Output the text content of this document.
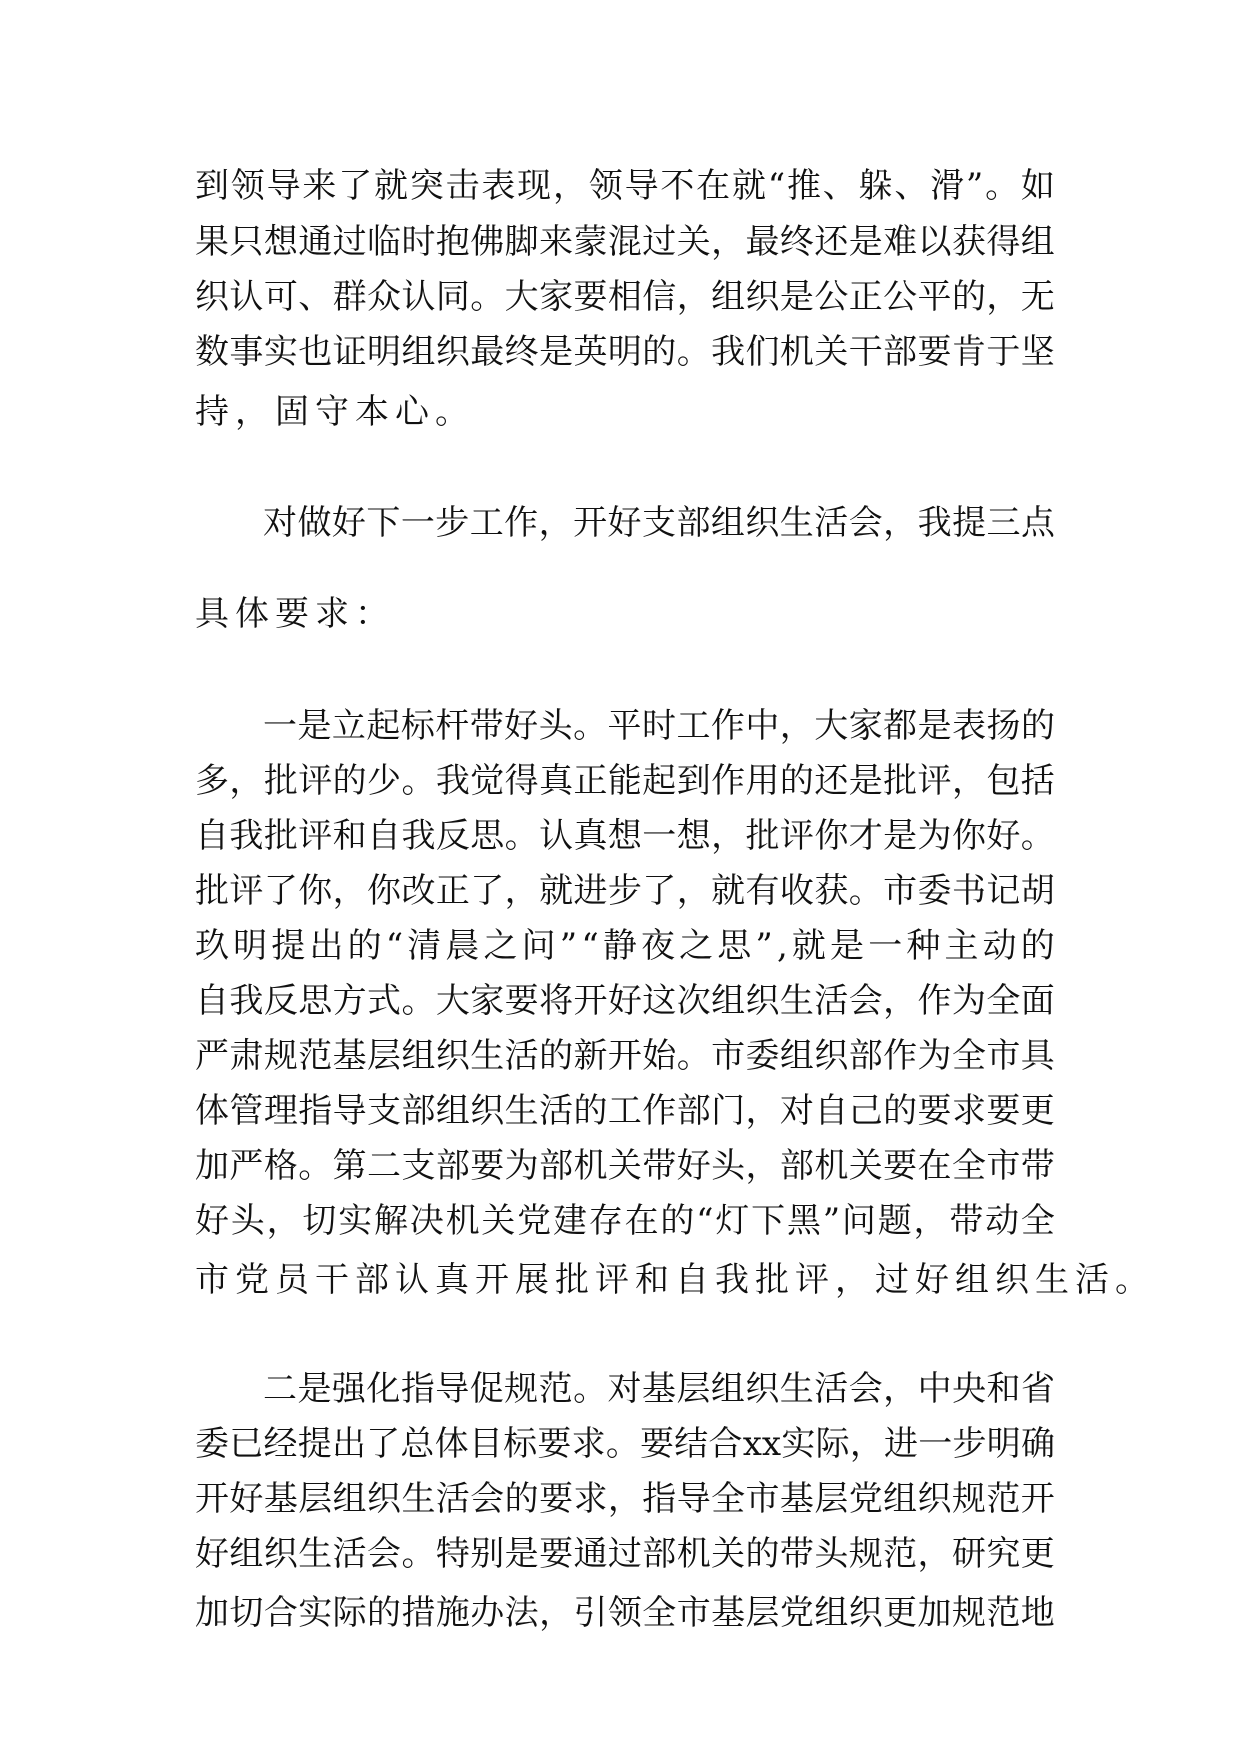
到 领 导 来 了 就 突 击 表 现 ， 领 导 不 在 就 “ 推 、 躲 、 滑 ” 。 如
果 只 想 通 过 临 时 抱 佛 脚 来 蒙 混 过 关 ， 最 终 还 是 难 以 获 得 组
织 认 可 、 群 众 认 同 。 大 家 要 相 信 ， 组 织 是 公 正 公 平 的 ， 无
数 事 实 也 证 明 组 织 最 终 是 英 明 的 。 我 们 机 关 干 部 要 肯 于 坚
持 ， 固 守 本 心 。
对 做 好 下 一 步 工 作 ， 开 好 支 部 组 织 生 活 会 ， 我 提 三 点
具 体 要 求 ：
一 是 立 起 标 杆 带 好 头 。 平 时 工 作 中 ， 大 家 都 是 表 扬 的
多 ， 批 评 的 少 。 我 觉 得 真 正 能 起 到 作 用 的 还 是 批 评 ， 包 括
自 我 批 评 和 自 我 反 思 。 认 真 想 一 想 ， 批 评 你 才 是 为 你 好 。
批 评 了 你 ， 你 改 正 了 ， 就 进 步 了 ， 就 有 收 获 。 市 委 书 记 胡
玖 明 提 出 的 “ 清 晨 之 问 ” “ 静 夜 之 思 ” , 就 是 一 种 主 动 的
自 我 反 思 方 式 。 大 家 要 将 开 好 这 次 组 织 生 活 会 ， 作 为 全 面
严 肃 规 范 基 层 组 织 生 活 的 新 开 始 。 市 委 组 织 部 作 为 全 市 具
体 管 理 指 导 支 部 组 织 生 活 的 工 作 部 门 ， 对 自 己 的 要 求 要 更
加 严 格 。 第 二 支 部 要 为 部 机 关 带 好 头 ， 部 机 关 要 在 全 市 带
好 头 ， 切 实 解 决 机 关 党 建 存 在 的 “ 灯 下 黑 ” 问 题 ， 带 动 全
市 党 员 干 部 认 真 开 展 批 评 和 自 我 批 评 ， 过 好 组 织 生 活 。
二 是 强 化 指 导 促 规 范 。 对 基 层 组 织 生 活 会 ， 中 央 和 省
委 已 经 提 出 了 总 体 目 标 要 求 。 要 结 合 xx 实 际 ， 进 一 步 明 确
开 好 基 层 组 织 生 活 会 的 要 求 ， 指 导 全 市 基 层 党 组 织 规 范 开
好 组 织 生 活 会 。 特 别 是 要 通 过 部 机 关 的 带 头 规 范 ， 研 究 更
加 切 合 实 际 的 措 施 办 法 ， 引 领 全 市 基 层 党 组 织 更 加 规 范 地
